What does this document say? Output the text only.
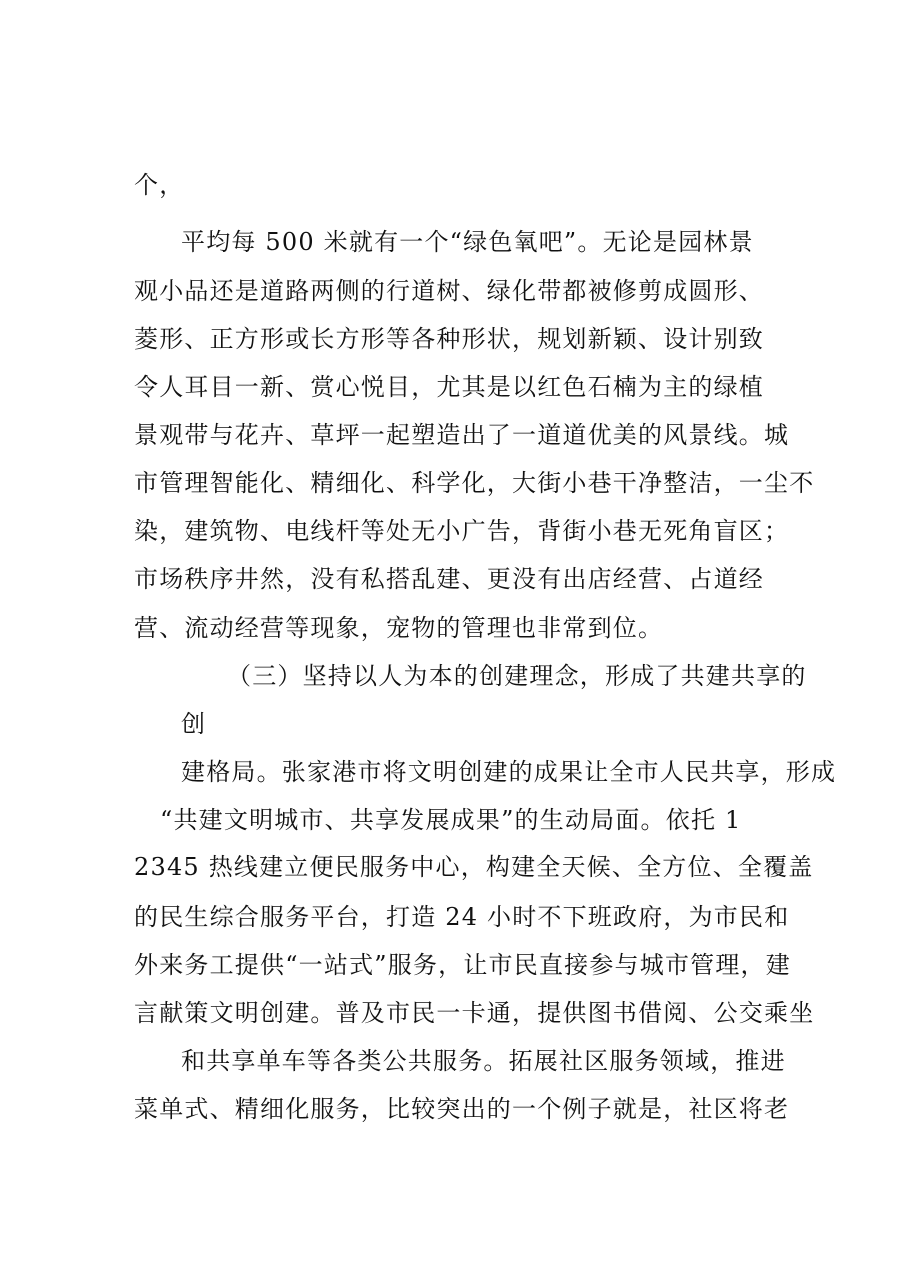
个，
平均每 500 米就有一个“绿色氧吧”。无论是园林景
观小品还是道路两侧的行道树、绿化带都被修剪成圆形、
菱形、正方形或长方形等各种形状，规划新颖、设计别致
令人耳目一新、赏心悦目，尤其是以红色石楠为主的绿植
景观带与花卉、草坪一起塑造出了一道道优美的风景线。城
市管理智能化、精细化、科学化，大街小巷干净整洁，一尘不
染，建筑物、电线杆等处无小广告，背街小巷无死角盲区；
市场秩序井然，没有私搭乱建、更没有出店经营、占道经
营、流动经营等现象，宠物的管理也非常到位。
（三）坚持以人为本的创建理念，形成了共建共享的
创
建格局。张家港市将文明创建的成果让全市人民共享，形成
“共建文明城市、共享发展成果”的生动局面。依托 1
2345 热线建立便民服务中心，构建全天候、全方位、全覆盖
的民生综合服务平台，打造 24 小时不下班政府，为市民和
外来务工提供“一站式”服务，让市民直接参与城市管理，建
言献策文明创建。普及市民一卡通，提供图书借阅、公交乘坐
和共享单车等各类公共服务。拓展社区服务领域，推进
菜单式、精细化服务，比较突出的一个例子就是，社区将老
